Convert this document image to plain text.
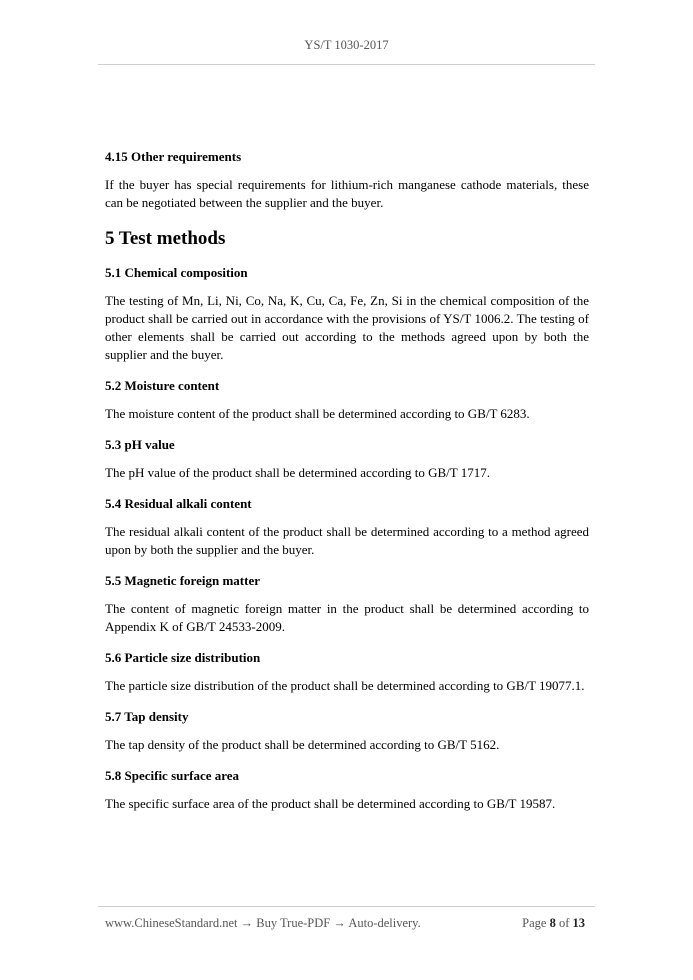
YS/T 1030-2017
4.15 Other requirements
If the buyer has special requirements for lithium-rich manganese cathode materials, these can be negotiated between the supplier and the buyer.
5 Test methods
5.1 Chemical composition
The testing of Mn, Li, Ni, Co, Na, K, Cu, Ca, Fe, Zn, Si in the chemical composition of the product shall be carried out in accordance with the provisions of YS/T 1006.2. The testing of other elements shall be carried out according to the methods agreed upon by both the supplier and the buyer.
5.2 Moisture content
The moisture content of the product shall be determined according to GB/T 6283.
5.3 pH value
The pH value of the product shall be determined according to GB/T 1717.
5.4 Residual alkali content
The residual alkali content of the product shall be determined according to a method agreed upon by both the supplier and the buyer.
5.5 Magnetic foreign matter
The content of magnetic foreign matter in the product shall be determined according to Appendix K of GB/T 24533-2009.
5.6 Particle size distribution
The particle size distribution of the product shall be determined according to GB/T 19077.1.
5.7 Tap density
The tap density of the product shall be determined according to GB/T 5162.
5.8 Specific surface area
The specific surface area of the product shall be determined according to GB/T 19587.
www.ChineseStandard.net → Buy True-PDF → Auto-delivery.	Page 8 of 13
